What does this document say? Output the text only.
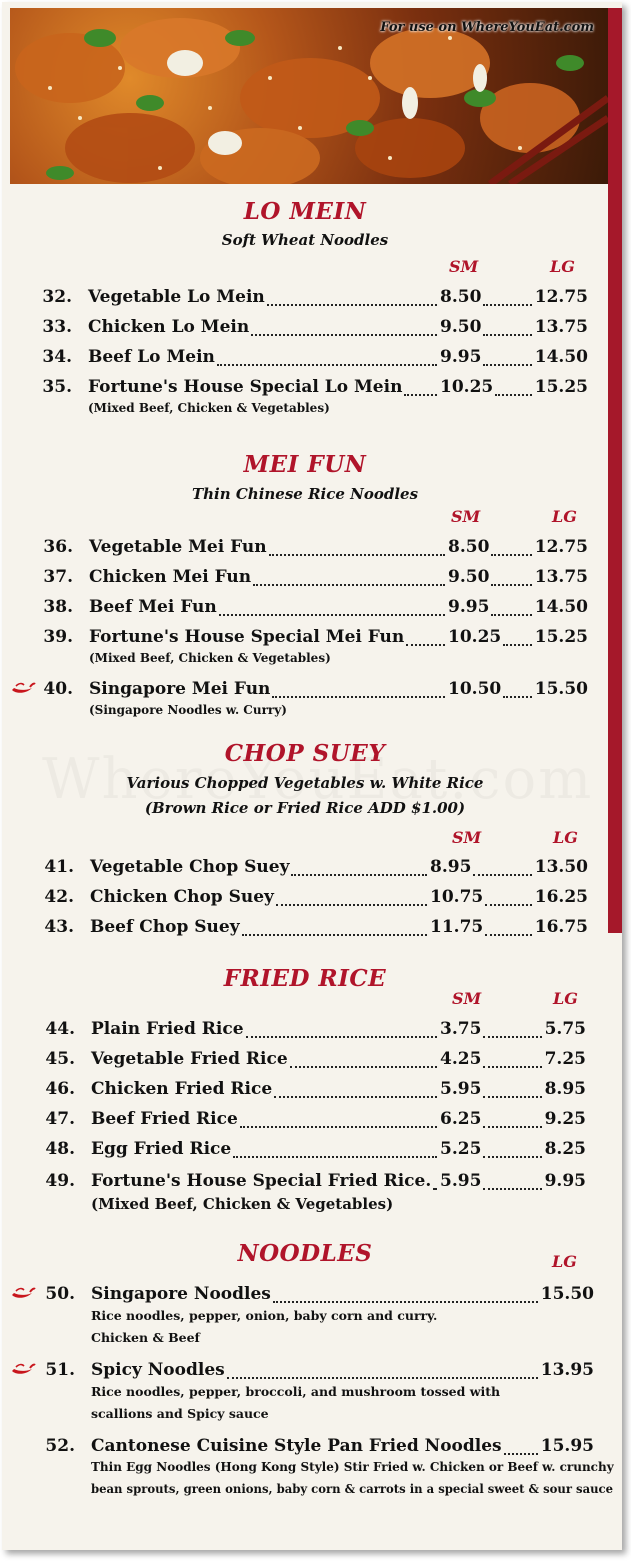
For use on WhereYouEat.com
LO MEIN
Soft Wheat Noodles
SM	LG
32. Vegetable Lo Mein	8.50	12.75
33. Chicken Lo Mein	9.50	13.75
34. Beef Lo Mein	9.95	14.50
35. Fortune's House Special Lo Mein 10.25 15.25
(Mixed Beef, Chicken & Vegetables)
MEI FUN
Thin Chinese Rice Noodles
SM	LG
36. Vegetable Mei Fun	8.50	12.75
37. Chicken Mei Fun	9.50	13.75
38. Beef Mei Fun	9.95	14.50
39. Fortune's House Special Mei Fun	10.25 15.25
(Mixed Beef, Chicken & Vegetables)
40. Singapore Mei Fun	10.50 15.50
(Singapore Noodles w. Curry)
CHOP SUEY
Various Chopped Vegetables w. White Rice
(Brown Rice or Fried Rice ADD $1.00)
SM	LG
41. Vegetable Chop Suey	8.95	13.50
42. Chicken Chop Suey	10.75	16.25
43. Beef Chop Suey	11.75	16.75
FRIED RICE
SM	LG
44. Plain Fried Rice	3.75	5.75
45. Vegetable Fried Rice	4.25	7.25
46. Chicken Fried Rice	5.95	8.95
47. Beef Fried Rice	6.25	9.25
48. Egg Fried Rice	5.25	8.25
49. Fortune's House Special Fried Rice. 5.95	9.95
(Mixed Beef, Chicken & Vegetables)
NOODLES	LG
50. Singapore Noodles	15.50
Rice noodles, pepper, onion, baby corn and curry.
Chicken & Beef
51. Spicy Noodles	13.95
Rice noodles, pepper, broccoli, and mushroom tossed with
scallions and Spicy sauce
52. Cantonese Cuisine Style Pan Fried Noodles 15.95
Thin Egg Noodles (Hong Kong Style) Stir Fried w. Chicken or Beef w. crunchy
bean sprouts, green onions, baby corn & carrots in a special sweet & sour sauce
